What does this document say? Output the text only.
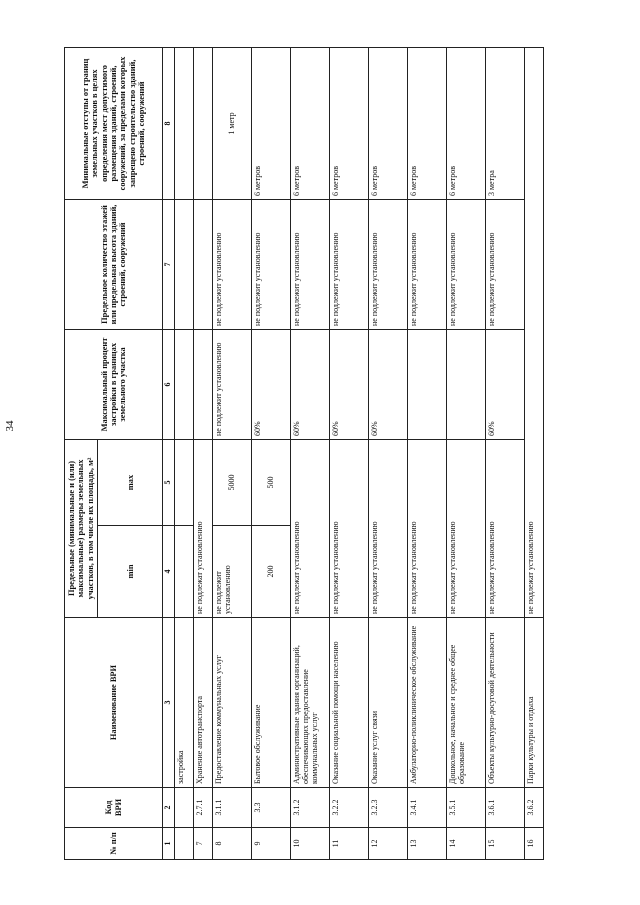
34
№ п/п	Код ВРИ	Наименование ВРИ	Предельные (минимальные и (или) максимальные) размеры земельных участков, в том числе их площадь, м²		Максимальный процент застройки в границах земельного участка	Предельное количество этажей или предельная высота зданий, строений, сооружений	Минимальные отступы от границ земельных участков в целях определения мест допустимого размещения зданий, строений, сооружений, за пределами которых запрещено строительство зданий, строений, сооружений
			min	max			
1	2	3	4	5	6	7	8
		застройка					
7	2.7.1	Хранение автотранспорта	не подлежат установлению				
8	3.1.1	Предоставление коммунальных услуг	не подлежит установлению	5000	не подлежит установлению	не подлежит установлению	1 метр
9	3.3	Бытовое обслуживание	200	500	60%	не подлежит установлению	6 метров
10	3.1.2	Административные здания организаций, обеспечивающих предоставление коммунальных услуг	не подлежат установлению		60%	не подлежит установлению	6 метров
11	3.2.2	Оказание социальной помощи населению	не подлежат установлению		60%	не подлежит установлению	6 метров
12	3.2.3	Оказание услуг связи	не подлежат установлению		60%	не подлежит установлению	6 метров
13	3.4.1	Амбулаторно-поликлиническое обслуживание	не подлежат установлению			не подлежит установлению	6 метров
14	3.5.1	Дошкольное, начальное и среднее общее образование	не подлежат установлению			не подлежит установлению	6 метров
15	3.6.1	Объекты культурно-досуговой деятельности	не подлежат установлению		60%	не подлежит установлению	3 метра
16	3.6.2	Парки культуры и отдыха	не подлежат установлению				
